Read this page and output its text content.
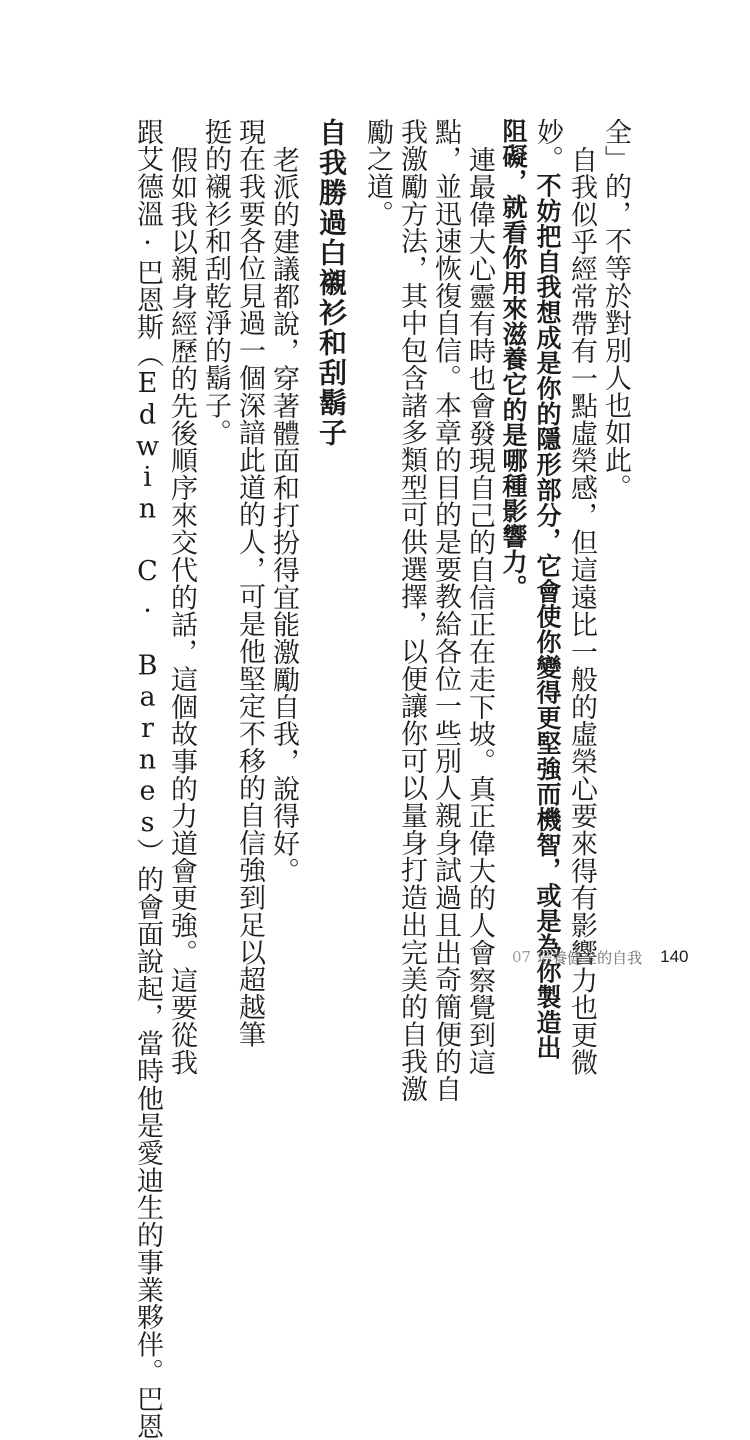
全」的，不等於對別人也如此。
自我似乎經常帶有一點虛榮感，但這遠比一般的虛榮心要來得有影響力也更微
妙。不妨把自我想成是你的隱形部分，它會使你變得更堅強而機智，或是為你製造出
阻礙，就看你用來滋養它的是哪種影響力。
連最偉大心靈有時也會發現自己的自信正在走下坡。真正偉大的人會察覺到這
點，並迅速恢復自信。本章的目的是要教給各位一些別人親身試過且出奇簡便的自
我激勵方法，其中包含諸多類型可供選擇，以便讓你可以量身打造出完美的自我激
勵之道。
自我勝過白襯衫和刮鬍子
老派的建議都說，穿著體面和打扮得宜能激勵自我，說得好。
現在我要各位見過一個深諳此道的人，可是他堅定不移的自信強到足以超越筆
挺的襯衫和刮乾淨的鬍子。
假如我以親身經歷的先後順序來交代的話，這個故事的力道會更強。這要從我
跟艾德溫·巴恩斯（Edwin C. Barnes）的會面說起，當時他是愛迪生的事業夥伴。巴恩	07 培養健全的自我 140
